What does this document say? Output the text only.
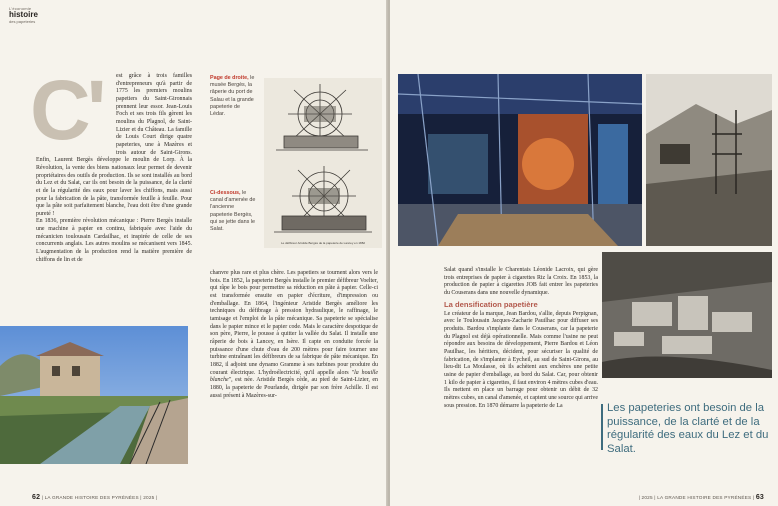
L'économie
histoire
des papeteries
C'	est grâce à trois familles d'entrepreneurs qu'à partir de 1775 les premiers moulins papetiers du Saint-Gironnais prennent leur essor. Jean-Louis Foch et ses trois fils gèrent les moulins du Plagnol, de Saint-Lizier et du Château. La famille de Louis Court dirige quatre papeteries, une à Mazères et trois autour de Saint-Girons. Enfin, Laurent Bergès développe le moulin de Lorp. À la Révolution, la vente des biens nationaux leur permet de devenir propriétaires des outils de production. Ils se sont installés au bord du Lez et du Salat, car ils ont besoin de la puissance, de la clarté et de la régularité des eaux pour laver les chiffons, mais aussi pour la fabrication de la pâte, transformée feuille à feuille. Pour que la pâte soit parfaitement blanche, l'eau doit être d'une grande pureté !

En 1836, première révolution mécanique : Pierre Bergès installe une machine à papier en continu, fabriquée avec l'aide du mécanicien toulousain Cardailhac, et inspirée de celle de ses concurrents anglais. Les autres moulins se mécanisent vers 1845. L'augmentation de la production rend la matière première de chiffons de lin et de

Page de droite, le musée Bergès, la râperie du port de Salau et la grande papeterie de Lédar.
Ci-dessous, le canal d'amenée de l'ancienne papeterie Bergès, qui se jette dans le Salat.
Le défibreur Aristide Bergès de la papeterie de Lancey en 1882

chanvre plus rare et plus chère. Les papetiers se tournent alors vers le bois. En 1852, la papeterie Bergès installe le premier défibreur Voelter, qui râpe le bois pour permettre sa réduction en pâte à papier. Celle-ci est transformée ensuite en papier d'écriture, d'impression ou d'emballage. En 1864, l'ingénieur Aristide Bergès améliore les techniques du défibrage à pression hydraulique, le raffinage, le tamisage et l'emploi de la pâte mécanique. Sa papeterie se spécialise dans le papier mince et le papier code. Mais le caractère despotique de son père, Pierre, le pousse à quitter la vallée du Salat. Il installe une râperie de bois à Lancey, en Isère. Il capte en conduite forcée la puissance d'une chute d'eau de 200 mètres pour faire tourner une turbine entraînant les défibreurs de sa fabrique de pâte mécanique. En 1882, il adjoint une dynamo Gramme à ses turbines pour produire du courant électrique. L'hydroélectricité, qu'il appelle alors "la houille blanche", est née. Aristide Bergès cède, au pied de Saint-Lizier, en 1880, la papeterie de Pourlande, dirigée par son frère Achille. Il est aussi présent à Mazères-sur-

62 | LA GRANDE HISTOIRE DES PYRÉNÉES | 2025 |

Salat quand s'installe le Charentais Léonide Lacroix, qui gère trois entreprises de papier à cigarettes Riz la Croix. En 1853, la production de papier à cigarettes JOB fait entrer les papeteries du Couserans dans une nouvelle dynamique.

La densification papetière

Le créateur de la marque, Jean Bardou, s'allie, depuis Perpignan, avec le Toulousain Jacques-Zacharie Pauilhac pour diffuser ses produits. Bardou s'implante dans le Couserans, car la papeterie du Plagnol est déjà opérationnelle. Mais comme l'usine ne peut répondre aux besoins de développement, Pierre Bardou et Léon Pauilhac, les héritiers, décident, pour sécuriser la qualité de fabrication, de s'implanter à Eycheil, au sud de Saint-Girons, au lieu-dit La Moulasse, où ils achètent aux enchères une petite usine de papier d'emballage, au bord du Salat. Car, pour obtenir 1 kilo de papier à cigarettes, il faut environ 4 mètres cubes d'eau. Ils mettent en place un barrage pour obtenir un débit de 32 mètres cubes, un canal d'amenée, et captent une source qui arrive sous pression. En 1870 démarre la papeterie de La	Les papeteries ont besoin de la puissance, de la clarté et de la régularité des eaux du Lez et du Salat.
| 2025 | LA GRANDE HISTOIRE DES PYRÉNÉES | 63
